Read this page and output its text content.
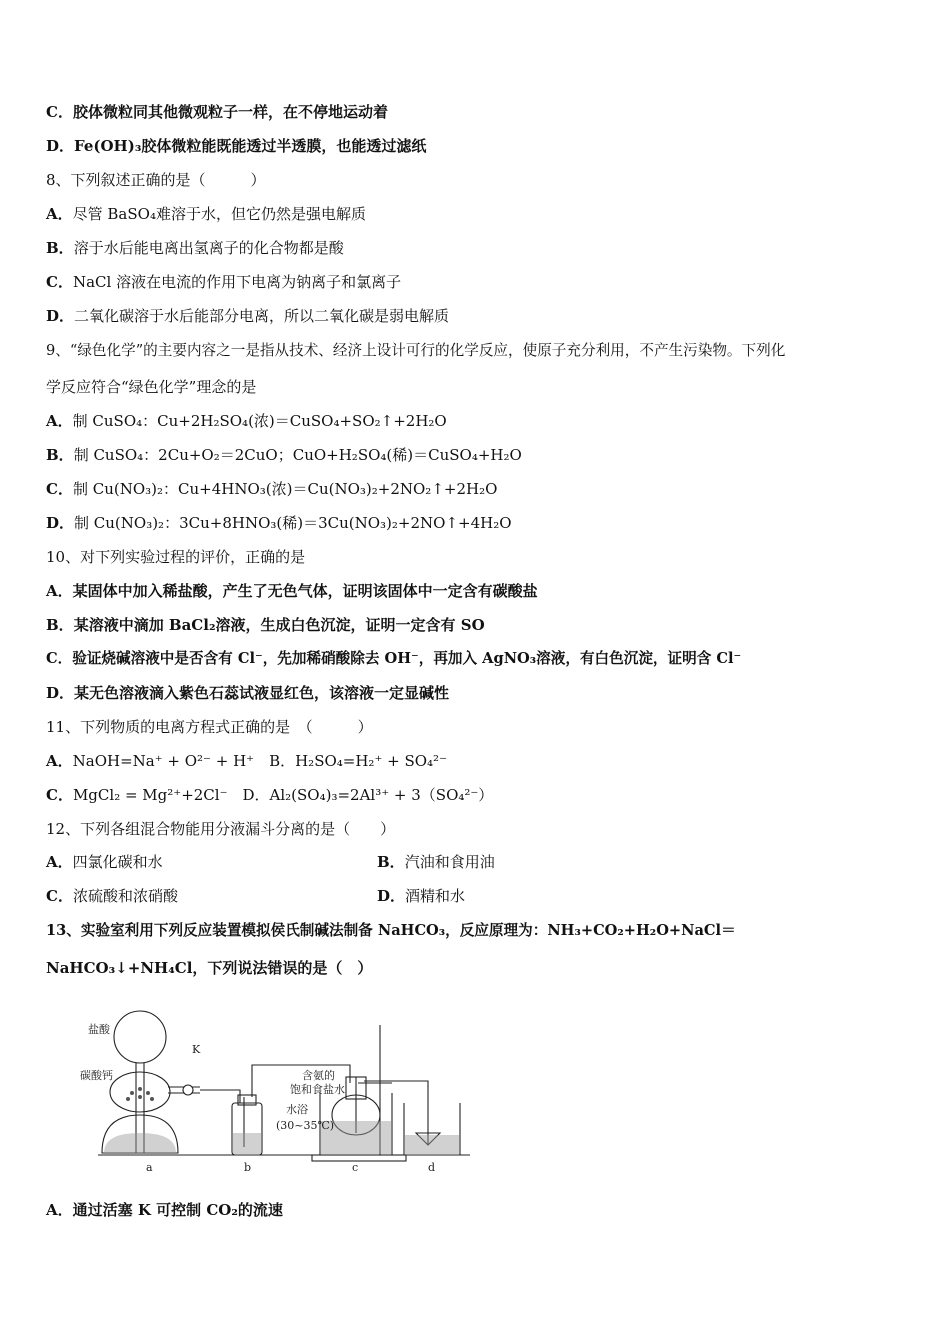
C．胶体微粒同其他微观粒子一样，在不停地运动着
D．Fe(OH)₃胶体微粒能既能透过半透膜，也能透过滤纸
8、下列叙述正确的是（　　　）
A．尽管 BaSO₄难溶于水，但它仍然是强电解质
B．溶于水后能电离出氢离子的化合物都是酸
C．NaCl 溶液在电流的作用下电离为钠离子和氯离子
D．二氧化碳溶于水后能部分电离，所以二氧化碳是弱电解质
9、“绿色化学”的主要内容之一是指从技术、经济上设计可行的化学反应，使原子充分利用，不产生污染物。下列化
学反应符合“绿色化学”理念的是
A．制 CuSO₄：Cu+2H₂SO₄(浓)＝CuSO₄+SO₂↑+2H₂O
B．制 CuSO₄：2Cu+O₂＝2CuO；CuO+H₂SO₄(稀)＝CuSO₄+H₂O
C．制 Cu(NO₃)₂：Cu+4HNO₃(浓)＝Cu(NO₃)₂+2NO₂↑+2H₂O
D．制 Cu(NO₃)₂：3Cu+8HNO₃(稀)＝3Cu(NO₃)₂+2NO↑+4H₂O
10、对下列实验过程的评价，正确的是
A．某固体中加入稀盐酸，产生了无色气体，证明该固体中一定含有碳酸盐
B．某溶液中滴加 BaCl₂溶液，生成白色沉淀，证明一定含有 SO
C．验证烧碱溶液中是否含有 Cl⁻，先加稀硝酸除去 OH⁻，再加入 AgNO₃溶液，有白色沉淀，证明含 Cl⁻
D．某无色溶液滴入紫色石蕊试液显红色，该溶液一定显碱性
11、下列物质的电离方程式正确的是　（　　　）
A．NaOH=Na⁺ + O²⁻ + H⁺　B．H₂SO₄=H₂⁺ + SO₄²⁻
C．MgCl₂ = Mg²⁺+2Cl⁻　D．Al₂(SO₄)₃=2Al³⁺ + 3（SO₄²⁻）
12、下列各组混合物能用分液漏斗分离的是（　　）
A．四氯化碳和水	B．汽油和食用油
C．浓硫酸和浓硝酸	D．酒精和水
13、实验室利用下列反应装置模拟侯氏制碱法制备 NaHCO₃，反应原理为：NH₃+CO₂+H₂O+NaCl＝
NaHCO₃↓+NH₄Cl，下列说法错误的是（　）
盐酸
碳酸钙
K
含氨的
饱和食盐水
水浴
(30~35℃)
a	b	c	d
A．通过活塞 K 可控制 CO₂的流速
